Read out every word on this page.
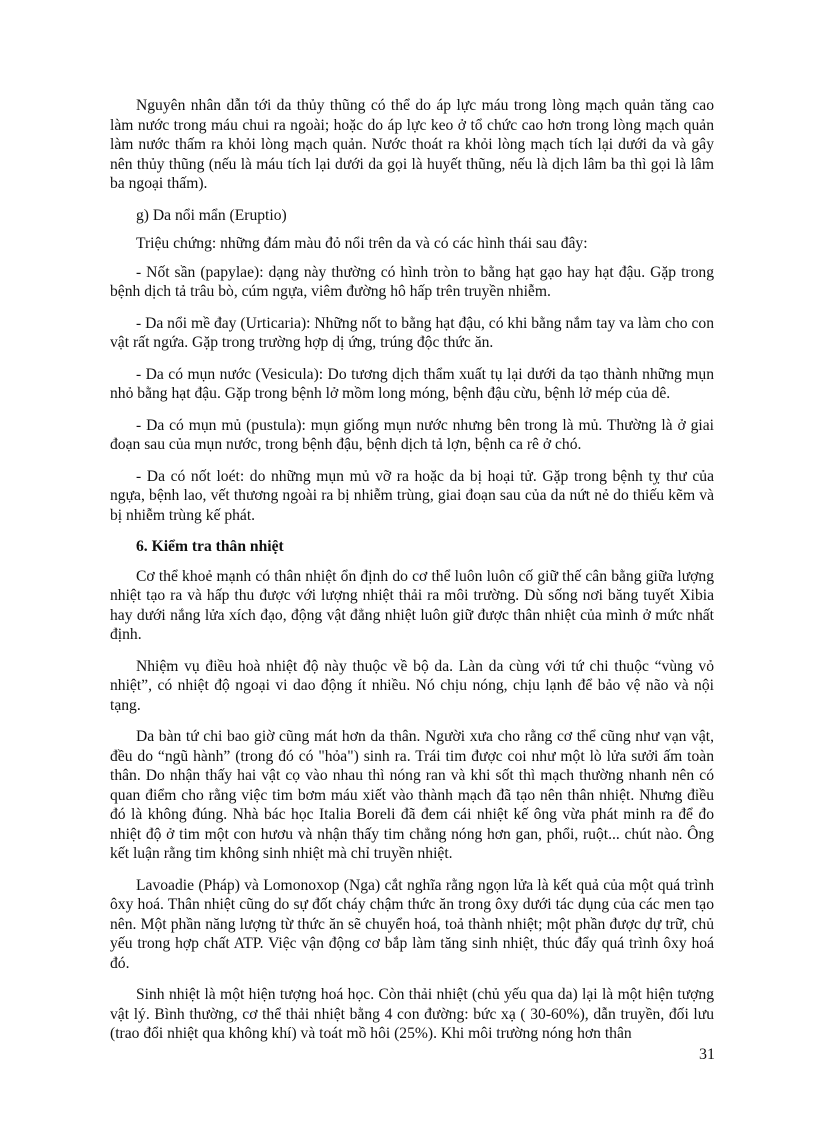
Nguyên nhân dẫn tới da thủy thũng có thể do áp lực máu trong lòng mạch quản tăng cao làm nước trong máu chui ra ngoài; hoặc do áp lực keo ở tổ chức cao hơn trong lòng mạch quản làm nước thấm ra khỏi lòng mạch quản. Nước thoát ra khỏi lòng mạch tích lại dưới da và gây nên thủy thũng (nếu là máu tích lại dưới da gọi là huyết thũng, nếu là dịch lâm ba thì gọi là lâm ba ngoại thấm).

g) Da nổi mẩn (Eruptio)

Triệu chứng: những đám màu đỏ nổi trên da và có các hình thái sau đây:

- Nốt sần (papylae): dạng này thường có hình tròn to bằng hạt gạo hay hạt đậu. Gặp trong bệnh dịch tả trâu bò, cúm ngựa, viêm đường hô hấp trên truyền nhiễm.

- Da nổi mề đay (Urticaria): Những nốt to bằng hạt đậu, có khi bằng nắm tay va làm cho con vật rất ngứa. Gặp trong trường hợp dị ứng, trúng độc thức ăn.

- Da có mụn nước (Vesicula): Do tương dịch thẩm xuất tụ lại dưới da tạo thành những mụn nhỏ bằng hạt đậu. Gặp trong bệnh lở mồm long móng, bệnh đậu cừu, bệnh lở mép của dê.

- Da có mụn mủ (pustula): mụn giống mụn nước nhưng bên trong là mủ. Thường là ở giai đoạn sau của mụn nước, trong bệnh đậu, bệnh dịch tả lợn, bệnh ca rê ở chó.

- Da có nốt loét: do những mụn mủ vỡ ra hoặc da bị hoại tử. Gặp trong bệnh tỵ thư của ngựa, bệnh lao, vết thương ngoài ra bị nhiễm trùng, giai đoạn sau của da nứt nẻ do thiếu kẽm và bị nhiễm trùng kế phát.

6. Kiểm tra thân nhiệt

Cơ thể khoẻ mạnh có thân nhiệt ổn định do cơ thể luôn luôn cố giữ thế cân bằng giữa lượng nhiệt tạo ra và hấp thu được với lượng nhiệt thải ra môi trường. Dù sống nơi băng tuyết Xibia hay dưới nắng lửa xích đạo, động vật đẳng nhiệt luôn giữ được thân nhiệt của mình ở mức nhất định.

Nhiệm vụ điều hoà nhiệt độ này thuộc về bộ da. Làn da cùng với tứ chi thuộc “vùng vỏ nhiệt”, có nhiệt độ ngoại vi dao động ít nhiều. Nó chịu nóng, chịu lạnh để bảo vệ não và nội tạng.

Da bàn tứ chi bao giờ cũng mát hơn da thân. Người xưa cho rằng cơ thể cũng như vạn vật, đều do “ngũ hành” (trong đó có "hỏa") sinh ra. Trái tim được coi như một lò lửa sưởi ấm toàn thân. Do nhận thấy hai vật cọ vào nhau thì nóng ran và khi sốt thì mạch thường nhanh nên có quan điểm cho rằng việc tim bơm máu xiết vào thành mạch đã tạo nên thân nhiệt. Nhưng điều đó là không đúng. Nhà bác học Italia Boreli đã đem cái nhiệt kế ông vừa phát minh ra để đo nhiệt độ ở tim một con hươu và nhận thấy tim chẳng nóng hơn gan, phổi, ruột... chút nào. Ông kết luận rằng tim không sinh nhiệt mà chỉ truyền nhiệt.

Lavoadie (Pháp) và Lomonoxop (Nga) cắt nghĩa rằng ngọn lửa là kết quả của một quá trình ôxy hoá. Thân nhiệt cũng do sự đốt cháy chậm thức ăn trong ôxy dưới tác dụng của các men tạo nên. Một phần năng lượng từ thức ăn sẽ chuyển hoá, toả thành nhiệt; một phần được dự trữ, chủ yếu trong hợp chất ATP. Việc vận động cơ bắp làm tăng sinh nhiệt, thúc đẩy quá trình ôxy hoá đó.

Sinh nhiệt là một hiện tượng hoá học. Còn thải nhiệt (chủ yếu qua da) lại là một hiện tượng vật lý. Bình thường, cơ thể thải nhiệt bằng 4 con đường: bức xạ ( 30-60%), dẫn truyền, đối lưu (trao đổi nhiệt qua không khí) và toát mồ hôi (25%). Khi môi trường nóng hơn thân

31
